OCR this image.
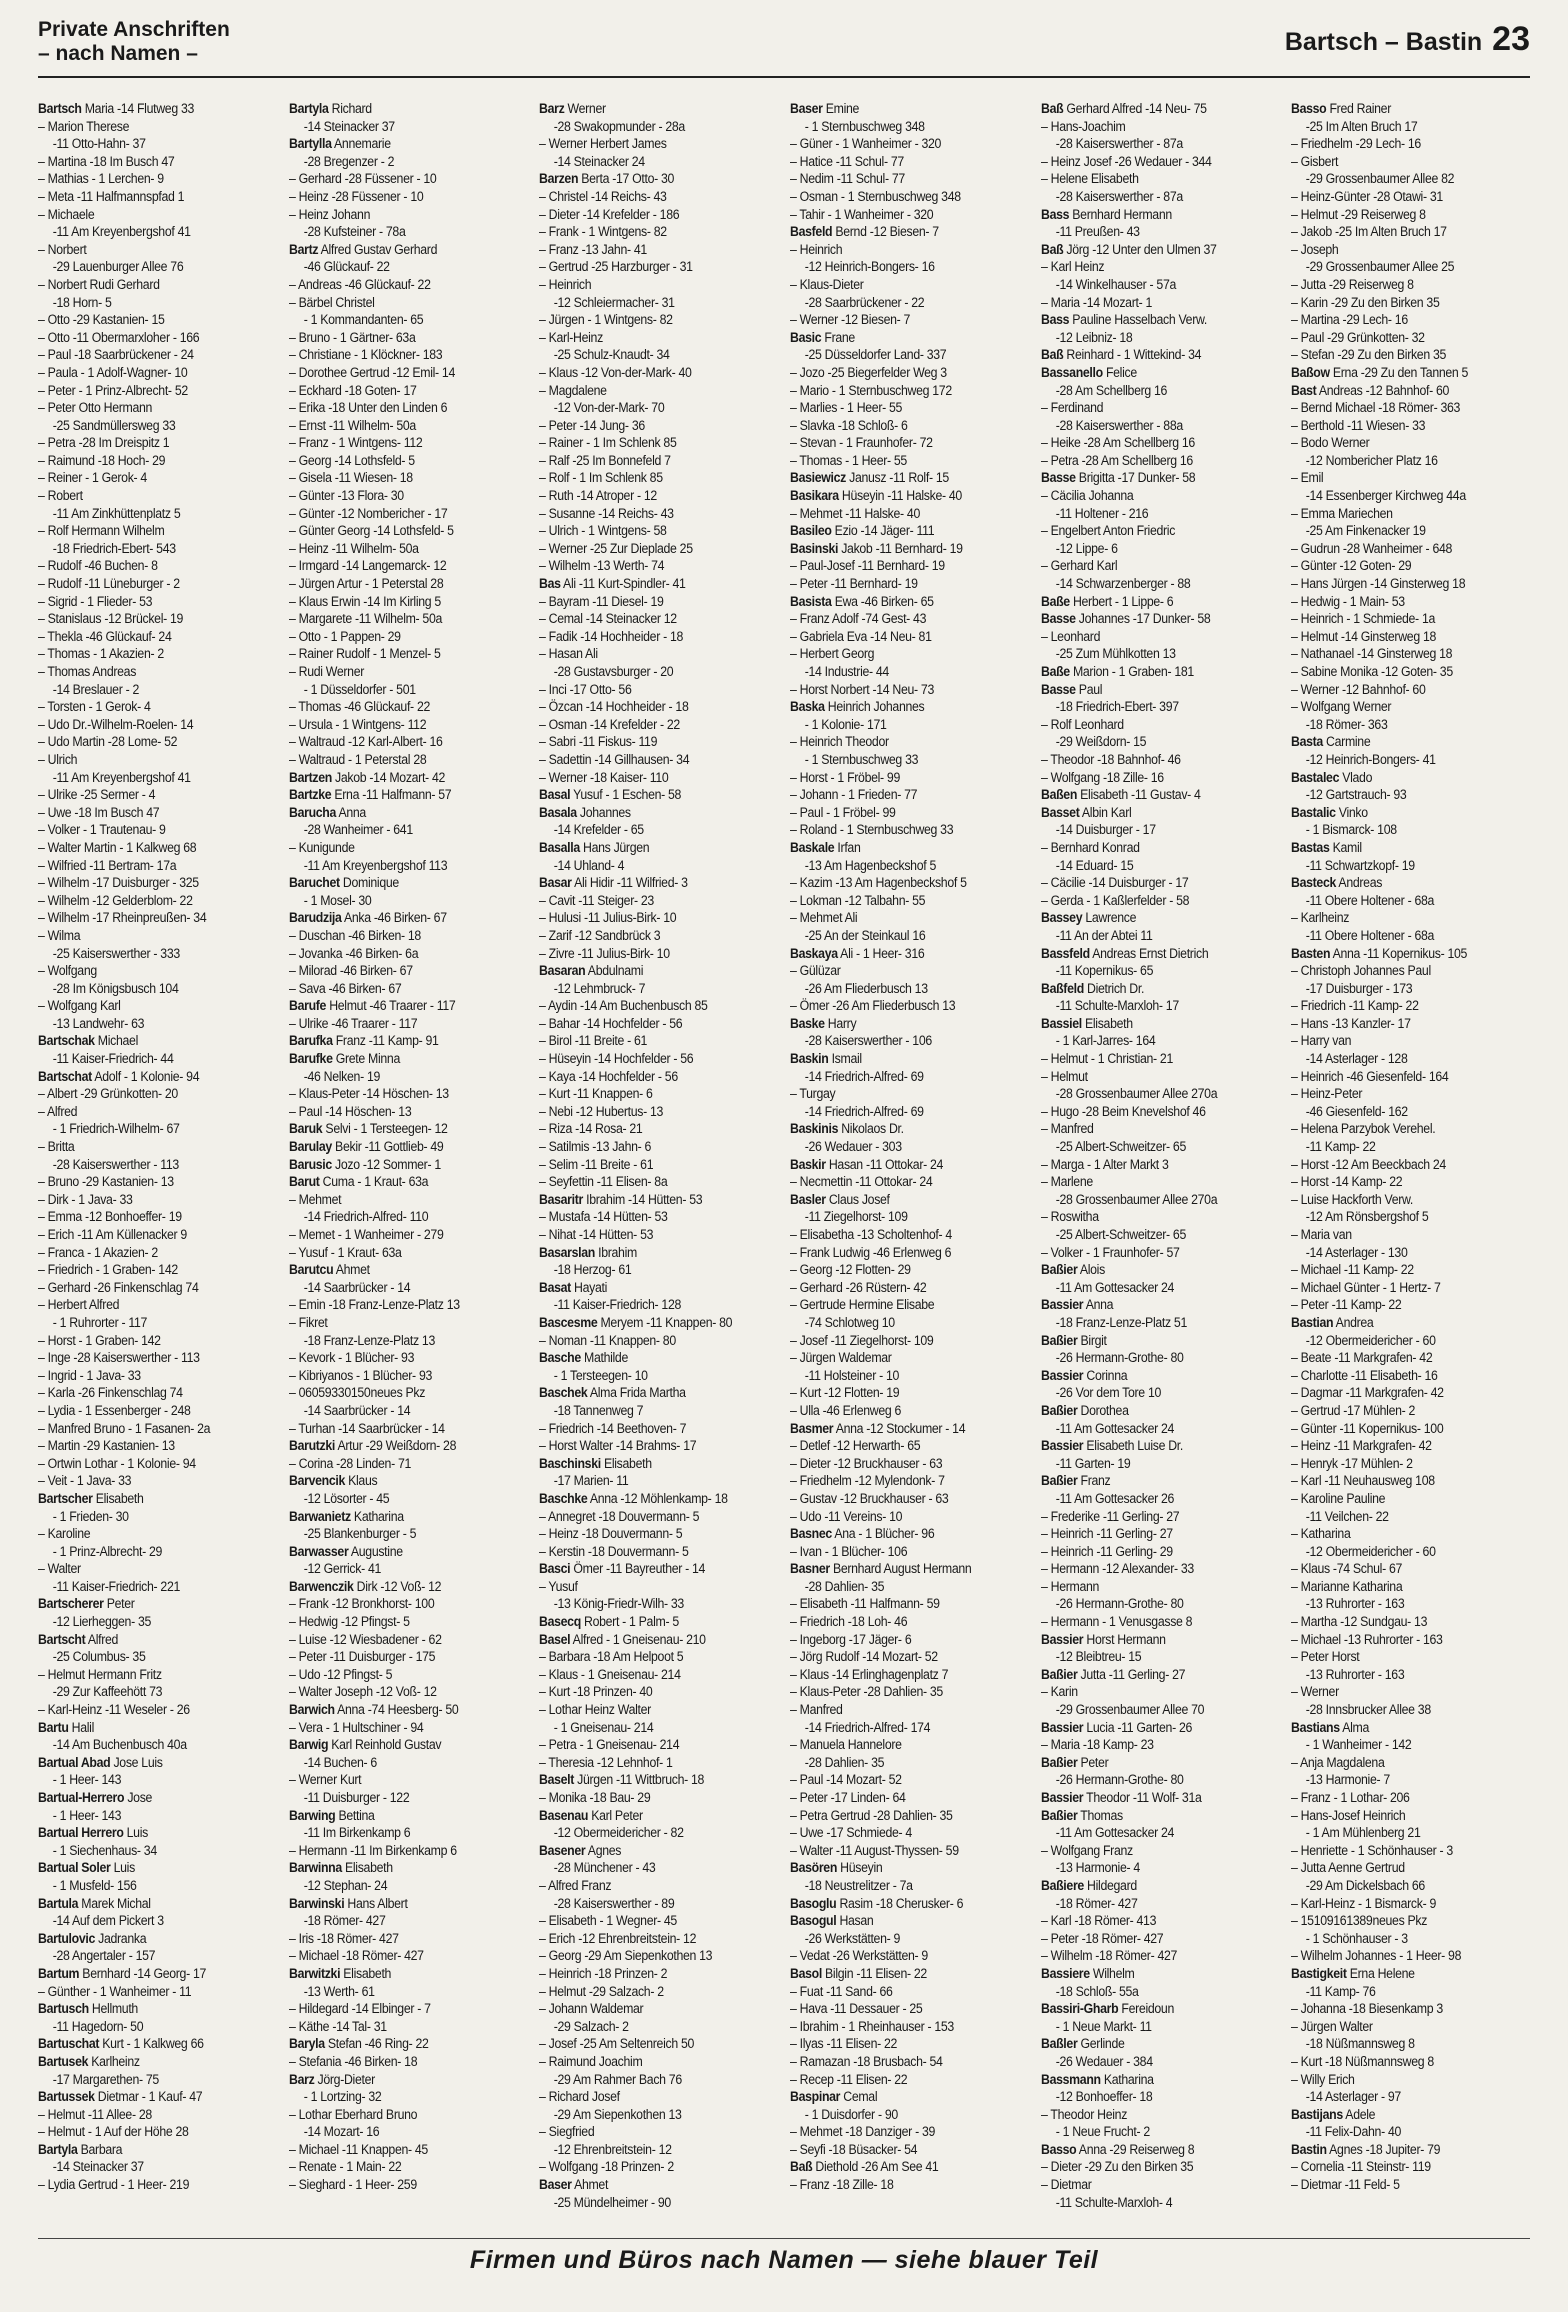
Private Anschriften
– nach Namen –	Bartsch – Bastin 23
Bartsch Maria -14 Flutweg 33
– Marion Therese
-11 Otto-Hahn- 37
– Martina -18 Im Busch 47
– Mathias - 1 Lerchen- 9
– Meta -11 Halfmannspfad 1
– Michaele
-11 Am Kreyenbergshof 41
– Norbert
-29 Lauenburger Allee 76
– Norbert Rudi Gerhard
-18 Horn- 5
– Otto -29 Kastanien- 15
– Otto -11 Obermarxloher - 166
– Paul -18 Saarbrückener - 24
– Paula - 1 Adolf-Wagner- 10
– Peter - 1 Prinz-Albrecht- 52
– Peter Otto Hermann
-25 Sandmüllersweg 33
– Petra -28 Im Dreispitz 1
– Raimund -18 Hoch- 29
– Reiner - 1 Gerok- 4
– Robert
-11 Am Zinkhüttenplatz 5
– Rolf Hermann Wilhelm
-18 Friedrich-Ebert- 543
– Rudolf -46 Buchen- 8
– Rudolf -11 Lüneburger - 2
– Sigrid - 1 Flieder- 53
– Stanislaus -12 Brückel- 19
– Thekla -46 Glückauf- 24
– Thomas - 1 Akazien- 2
– Thomas Andreas
-14 Breslauer - 2
– Torsten - 1 Gerok- 4
– Udo Dr.-Wilhelm-Roelen- 14
– Udo Martin -28 Lome- 52
– Ulrich
-11 Am Kreyenbergshof 41
– Ulrike -25 Sermer - 4
– Uwe -18 Im Busch 47
– Volker - 1 Trautenau- 9
– Walter Martin - 1 Kalkweg 68
– Wilfried -11 Bertram- 17a
– Wilhelm -17 Duisburger - 325
– Wilhelm -12 Gelderblom- 22
– Wilhelm -17 Rheinpreußen- 34
– Wilma
-25 Kaiserswerther - 333
– Wolfgang
-28 Im Königsbusch 104
– Wolfgang Karl
-13 Landwehr- 63
Bartschak Michael
-11 Kaiser-Friedrich- 44
Bartschat Adolf - 1 Kolonie- 94
– Albert -29 Grünkotten- 20
– Alfred
- 1 Friedrich-Wilhelm- 67
– Britta
-28 Kaiserswerther - 113
– Bruno -29 Kastanien- 13
– Dirk - 1 Java- 33
– Emma -12 Bonhoeffer- 19
– Erich -11 Am Küllenacker 9
– Franca - 1 Akazien- 2
– Friedrich - 1 Graben- 142
– Gerhard -26 Finkenschlag 74
– Herbert Alfred
- 1 Ruhrorter - 117
– Horst - 1 Graben- 142
– Inge -28 Kaiserswerther - 113
– Ingrid - 1 Java- 33
– Karla -26 Finkenschlag 74
– Lydia - 1 Essenberger - 248
– Manfred Bruno - 1 Fasanen- 2a
– Martin -29 Kastanien- 13
– Ortwin Lothar - 1 Kolonie- 94
– Veit - 1 Java- 33
Bartscher Elisabeth
- 1 Frieden- 30
– Karoline
- 1 Prinz-Albrecht- 29
– Walter
-11 Kaiser-Friedrich- 221
Bartscherer Peter
-12 Lierheggen- 35
Bartscht Alfred
-25 Columbus- 35
– Helmut Hermann Fritz
-29 Zur Kaffeehött 73
– Karl-Heinz -11 Weseler - 26
Bartu Halil
-14 Am Buchenbusch 40a
Bartual Abad Jose Luis
- 1 Heer- 143
Bartual-Herrero Jose
- 1 Heer- 143
Bartual Herrero Luis
- 1 Siechenhaus- 34
Bartual Soler Luis
- 1 Musfeld- 156
Bartula Marek Michal
-14 Auf dem Pickert 3
Bartulovic Jadranka
-28 Angertaler - 157
Bartum Bernhard -14 Georg- 17
– Günther - 1 Wanheimer - 11
Bartusch Hellmuth
-11 Hagedorn- 50
Bartuschat Kurt - 1 Kalkweg 66
Bartusek Karlheinz
-17 Margarethen- 75
Bartussek Dietmar - 1 Kauf- 47
– Helmut -11 Allee- 28
– Helmut - 1 Auf der Höhe 28
Bartyla Barbara
-14 Steinacker 37
– Lydia Gertrud - 1 Heer- 219
Bartyla Richard
-14 Steinacker 37
Bartylla Annemarie
-28 Bregenzer - 2
– Gerhard -28 Füssener - 10
– Heinz -28 Füssener - 10
– Heinz Johann
-28 Kufsteiner - 78a
Bartz Alfred Gustav Gerhard
-46 Glückauf- 22
– Andreas -46 Glückauf- 22
– Bärbel Christel
- 1 Kommandanten- 65
– Bruno - 1 Gärtner- 63a
– Christiane - 1 Klöckner- 183
– Dorothee Gertrud -12 Emil- 14
– Eckhard -18 Goten- 17
– Erika -18 Unter den Linden 6
– Ernst -11 Wilhelm- 50a
– Franz - 1 Wintgens- 112
– Georg -14 Lothsfeld- 5
– Gisela -11 Wiesen- 18
– Günter -13 Flora- 30
– Günter -12 Nombericher - 17
– Günter Georg -14 Lothsfeld- 5
– Heinz -11 Wilhelm- 50a
– Irmgard -14 Langemarck- 12
– Jürgen Artur - 1 Peterstal 28
– Klaus Erwin -14 Im Kirling 5
– Margarete -11 Wilhelm- 50a
– Otto - 1 Pappen- 29
– Rainer Rudolf - 1 Menzel- 5
– Rudi Werner
- 1 Düsseldorfer - 501
– Thomas -46 Glückauf- 22
– Ursula - 1 Wintgens- 112
– Waltraud -12 Karl-Albert- 16
– Waltraud - 1 Peterstal 28
Bartzen Jakob -14 Mozart- 42
Bartzke Erna -11 Halfmann- 57
Barucha Anna
-28 Wanheimer - 641
– Kunigunde
-11 Am Kreyenbergshof 113
Baruchet Dominique
- 1 Mosel- 30
Barudzija Anka -46 Birken- 67
– Duschan -46 Birken- 18
– Jovanka -46 Birken- 6a
– Milorad -46 Birken- 67
– Sava -46 Birken- 67
Barufe Helmut -46 Traarer - 117
– Ulrike -46 Traarer - 117
Barufka Franz -11 Kamp- 91
Barufke Grete Minna
-46 Nelken- 19
– Klaus-Peter -14 Höschen- 13
– Paul -14 Höschen- 13
Baruk Selvi - 1 Tersteegen- 12
Barulay Bekir -11 Gottlieb- 49
Barusic Jozo -12 Sommer- 1
Barut Cuma - 1 Kraut- 63a
– Mehmet
-14 Friedrich-Alfred- 110
– Memet - 1 Wanheimer - 279
– Yusuf - 1 Kraut- 63a
Barutcu Ahmet
-14 Saarbrücker - 14
– Emin -18 Franz-Lenze-Platz 13
– Fikret
-18 Franz-Lenze-Platz 13
– Kevork - 1 Blücher- 93
– Kibriyanos - 1 Blücher- 93
– 06059330150neues Pkz
-14 Saarbrücker - 14
– Turhan -14 Saarbrücker - 14
Barutzki Artur -29 Weißdorn- 28
– Corina -28 Linden- 71
Barvencik Klaus
-12 Lösorter - 45
Barwanietz Katharina
-25 Blankenburger - 5
Barwasser Augustine
-12 Gerrick- 41
Barwenczik Dirk -12 Voß- 12
– Frank -12 Bronkhorst- 100
– Hedwig -12 Pfingst- 5
– Luise -12 Wiesbadener - 62
– Peter -11 Duisburger - 175
– Udo -12 Pfingst- 5
– Walter Joseph -12 Voß- 12
Barwich Anna -74 Heesberg- 50
– Vera - 1 Hultschiner - 94
Barwig Karl Reinhold Gustav
-14 Buchen- 6
– Werner Kurt
-11 Duisburger - 122
Barwing Bettina
-11 Im Birkenkamp 6
– Hermann -11 Im Birkenkamp 6
Barwinna Elisabeth
-12 Stephan- 24
Barwinski Hans Albert
-18 Römer- 427
– Iris -18 Römer- 427
– Michael -18 Römer- 427
Barwitzki Elisabeth
-13 Werth- 61
– Hildegard -14 Elbinger - 7
– Käthe -14 Tal- 31
Baryla Stefan -46 Ring- 22
– Stefania -46 Birken- 18
Barz Jörg-Dieter
- 1 Lortzing- 32
– Lothar Eberhard Bruno
-14 Mozart- 16
– Michael -11 Knappen- 45
– Renate - 1 Main- 22
– Sieghard - 1 Heer- 259
Barz Werner
-28 Swakopmunder - 28a
– Werner Herbert James
-14 Steinacker 24
Barzen Berta -17 Otto- 30
– Christel -14 Reichs- 43
– Dieter -14 Krefelder - 186
– Frank - 1 Wintgens- 82
– Franz -13 Jahn- 41
– Gertrud -25 Harzburger - 31
– Heinrich
-12 Schleiermacher- 31
– Jürgen - 1 Wintgens- 82
– Karl-Heinz
-25 Schulz-Knaudt- 34
– Klaus -12 Von-der-Mark- 40
– Magdalene
-12 Von-der-Mark- 70
– Peter -14 Jung- 36
– Rainer - 1 Im Schlenk 85
– Ralf -25 Im Bonnefeld 7
– Rolf - 1 Im Schlenk 85
– Ruth -14 Atroper - 12
– Susanne -14 Reichs- 43
– Ulrich - 1 Wintgens- 58
– Werner -25 Zur Dieplade 25
– Wilhelm -13 Werth- 74
Bas Ali -11 Kurt-Spindler- 41
– Bayram -11 Diesel- 19
– Cemal -14 Steinacker 12
– Fadik -14 Hochheider - 18
– Hasan Ali
-28 Gustavsburger - 20
– Inci -17 Otto- 56
– Özcan -14 Hochheider - 18
– Osman -14 Krefelder - 22
– Sabri -11 Fiskus- 119
– Sadettin -14 Gillhausen- 34
– Werner -18 Kaiser- 110
Basal Yusuf - 1 Eschen- 58
Basala Johannes
-14 Krefelder - 65
Basalla Hans Jürgen
-14 Uhland- 4
Basar Ali Hidir -11 Wilfried- 3
– Cavit -11 Steiger- 23
– Hulusi -11 Julius-Birk- 10
– Zarif -12 Sandbrück 3
– Zivre -11 Julius-Birk- 10
Basaran Abdulnami
-12 Lehmbruck- 7
– Aydin -14 Am Buchenbusch 85
– Bahar -14 Hochfelder - 56
– Birol -11 Breite - 61
– Hüseyin -14 Hochfelder - 56
– Kaya -14 Hochfelder - 56
– Kurt -11 Knappen- 6
– Nebi -12 Hubertus- 13
– Riza -14 Rosa- 21
– Satilmis -13 Jahn- 6
– Selim -11 Breite - 61
– Seyfettin -11 Elisen- 8a
Basaritr Ibrahim -14 Hütten- 53
– Mustafa -14 Hütten- 53
– Nihat -14 Hütten- 53
Basarslan Ibrahim
-18 Herzog- 61
Basat Hayati
-11 Kaiser-Friedrich- 128
Bascesme Meryem -11 Knappen- 80
– Noman -11 Knappen- 80
Basche Mathilde
- 1 Tersteegen- 10
Baschek Alma Frida Martha
-18 Tannenweg 7
– Friedrich -14 Beethoven- 7
– Horst Walter -14 Brahms- 17
Baschinski Elisabeth
-17 Marien- 11
Baschke Anna -12 Möhlenkamp- 18
– Annegret -18 Douvermann- 5
– Heinz -18 Douvermann- 5
– Kerstin -18 Douvermann- 5
Basci Ömer -11 Bayreuther - 14
– Yusuf
-13 König-Friedr-Wilh- 33
Basecq Robert - 1 Palm- 5
Basel Alfred - 1 Gneisenau- 210
– Barbara -18 Am Helpoot 5
– Klaus - 1 Gneisenau- 214
– Kurt -18 Prinzen- 40
– Lothar Heinz Walter
- 1 Gneisenau- 214
– Petra - 1 Gneisenau- 214
– Theresia -12 Lehnhof- 1
Baselt Jürgen -11 Wittbruch- 18
– Monika -18 Bau- 29
Basenau Karl Peter
-12 Obermeidericher - 82
Basener Agnes
-28 Münchener - 43
– Alfred Franz
-28 Kaiserswerther - 89
– Elisabeth - 1 Wegner- 45
– Erich -12 Ehrenbreitstein- 12
– Georg -29 Am Siepenkothen 13
– Heinrich -18 Prinzen- 2
– Helmut -29 Salzach- 2
– Johann Waldemar
-29 Salzach- 2
– Josef -25 Am Seltenreich 50
– Raimund Joachim
-29 Am Rahmer Bach 76
– Richard Josef
-29 Am Siepenkothen 13
– Siegfried
-12 Ehrenbreitstein- 12
– Wolfgang -18 Prinzen- 2
Baser Ahmet
-25 Mündelheimer - 90
Baser Emine
- 1 Sternbuschweg 348
– Güner - 1 Wanheimer - 320
– Hatice -11 Schul- 77
– Nedim -11 Schul- 77
– Osman - 1 Sternbuschweg 348
– Tahir - 1 Wanheimer - 320
Basfeld Bernd -12 Biesen- 7
– Heinrich
-12 Heinrich-Bongers- 16
– Klaus-Dieter
-28 Saarbrückener - 22
– Werner -12 Biesen- 7
Basic Frane
-25 Düsseldorfer Land- 337
– Jozo -25 Biegerfelder Weg 3
– Mario - 1 Sternbuschweg 172
– Marlies - 1 Heer- 55
– Slavka -18 Schloß- 6
– Stevan - 1 Fraunhofer- 72
– Thomas - 1 Heer- 55
Basiewicz Janusz -11 Rolf- 15
Basikara Hüseyin -11 Halske- 40
– Mehmet -11 Halske- 40
Basileo Ezio -14 Jäger- 111
Basinski Jakob -11 Bernhard- 19
– Paul-Josef -11 Bernhard- 19
– Peter -11 Bernhard- 19
Basista Ewa -46 Birken- 65
– Franz Adolf -74 Gest- 43
– Gabriela Eva -14 Neu- 81
– Herbert Georg
-14 Industrie- 44
– Horst Norbert -14 Neu- 73
Baska Heinrich Johannes
- 1 Kolonie- 171
– Heinrich Theodor
- 1 Sternbuschweg 33
– Horst - 1 Fröbel- 99
– Johann - 1 Frieden- 77
– Paul - 1 Fröbel- 99
– Roland - 1 Sternbuschweg 33
Baskale Irfan
-13 Am Hagenbeckshof 5
– Kazim -13 Am Hagenbeckshof 5
– Lokman -12 Talbahn- 55
– Mehmet Ali
-25 An der Steinkaul 16
Baskaya Ali - 1 Heer- 316
– Gülüzar
-26 Am Fliederbusch 13
– Ömer -26 Am Fliederbusch 13
Baske Harry
-28 Kaiserswerther - 106
Baskin Ismail
-14 Friedrich-Alfred- 69
– Turgay
-14 Friedrich-Alfred- 69
Baskinis Nikolaos Dr.
-26 Wedauer - 303
Baskir Hasan -11 Ottokar- 24
– Necmettin -11 Ottokar- 24
Basler Claus Josef
-11 Ziegelhorst- 109
– Elisabetha -13 Scholtenhof- 4
– Frank Ludwig -46 Erlenweg 6
– Georg -12 Flotten- 29
– Gerhard -26 Rüstern- 42
– Gertrude Hermine Elisabe
-74 Schlotweg 10
– Josef -11 Ziegelhorst- 109
– Jürgen Waldemar
-11 Holsteiner - 10
– Kurt -12 Flotten- 19
– Ulla -46 Erlenweg 6
Basmer Anna -12 Stockumer - 14
– Detlef -12 Herwarth- 65
– Dieter -12 Bruckhauser - 63
– Friedhelm -12 Mylendonk- 7
– Gustav -12 Bruckhauser - 63
– Udo -11 Vereins- 10
Basnec Ana - 1 Blücher- 96
– Ivan - 1 Blücher- 106
Basner Bernhard August Hermann
-28 Dahlien- 35
– Elisabeth -11 Halfmann- 59
– Friedrich -18 Loh- 46
– Ingeborg -17 Jäger- 6
– Jörg Rudolf -14 Mozart- 52
– Klaus -14 Erlinghagenplatz 7
– Klaus-Peter -28 Dahlien- 35
– Manfred
-14 Friedrich-Alfred- 174
– Manuela Hannelore
-28 Dahlien- 35
– Paul -14 Mozart- 52
– Peter -17 Linden- 64
– Petra Gertrud -28 Dahlien- 35
– Uwe -17 Schmiede- 4
– Walter -11 August-Thyssen- 59
Basören Hüseyin
-18 Neustrelitzer - 7a
Basoglu Rasim -18 Cherusker- 6
Basogul Hasan
-26 Werkstätten- 9
– Vedat -26 Werkstätten- 9
Basol Bilgin -11 Elisen- 22
– Fuat -11 Sand- 66
– Hava -11 Dessauer - 25
– Ibrahim - 1 Rheinhauser - 153
– Ilyas -11 Elisen- 22
– Ramazan -18 Brusbach- 54
– Recep -11 Elisen- 22
Baspinar Cemal
- 1 Duisdorfer - 90
– Mehmet -18 Danziger - 39
– Seyfi -18 Büsacker- 54
Baß Diethold -26 Am See 41
– Franz -18 Zille- 18
Baß Gerhard Alfred -14 Neu- 75
– Hans-Joachim
-28 Kaiserswerther - 87a
– Heinz Josef -26 Wedauer - 344
– Helene Elisabeth
-28 Kaiserswerther - 87a
Bass Bernhard Hermann
-11 Preußen- 43
Baß Jörg -12 Unter den Ulmen 37
– Karl Heinz
-14 Winkelhauser - 57a
– Maria -14 Mozart- 1
Bass Pauline Hasselbach Verw.
-12 Leibniz- 18
Baß Reinhard - 1 Wittekind- 34
Bassanello Felice
-28 Am Schellberg 16
– Ferdinand
-28 Kaiserswerther - 88a
– Heike -28 Am Schellberg 16
– Petra -28 Am Schellberg 16
Basse Brigitta -17 Dunker- 58
– Cäcilia Johanna
-11 Holtener - 216
– Engelbert Anton Friedric
-12 Lippe- 6
– Gerhard Karl
-14 Schwarzenberger - 88
Baße Herbert - 1 Lippe- 6
Basse Johannes -17 Dunker- 58
– Leonhard
-25 Zum Mühlkotten 13
Baße Marion - 1 Graben- 181
Basse Paul
-18 Friedrich-Ebert- 397
– Rolf Leonhard
-29 Weißdorn- 15
– Theodor -18 Bahnhof- 46
– Wolfgang -18 Zille- 16
Baßen Elisabeth -11 Gustav- 4
Basset Albin Karl
-14 Duisburger - 17
– Bernhard Konrad
-14 Eduard- 15
– Cäcilie -14 Duisburger - 17
– Gerda - 1 Kaßlerfelder - 58
Bassey Lawrence
-11 An der Abtei 11
Bassfeld Andreas Ernst Dietrich
-11 Kopernikus- 65
Baßfeld Dietrich Dr.
-11 Schulte-Marxloh- 17
Bassiel Elisabeth
- 1 Karl-Jarres- 164
– Helmut - 1 Christian- 21
– Helmut
-28 Grossenbaumer Allee 270a
– Hugo -28 Beim Knevelshof 46
– Manfred
-25 Albert-Schweitzer- 65
– Marga - 1 Alter Markt 3
– Marlene
-28 Grossenbaumer Allee 270a
– Roswitha
-25 Albert-Schweitzer- 65
– Volker - 1 Fraunhofer- 57
Baßier Alois
-11 Am Gottesacker 24
Bassier Anna
-18 Franz-Lenze-Platz 51
Baßier Birgit
-26 Hermann-Grothe- 80
Bassier Corinna
-26 Vor dem Tore 10
Baßier Dorothea
-11 Am Gottesacker 24
Bassier Elisabeth Luise Dr.
-11 Garten- 19
Baßier Franz
-11 Am Gottesacker 26
– Frederike -11 Gerling- 27
– Heinrich -11 Gerling- 27
– Heinrich -11 Gerling- 29
– Hermann -12 Alexander- 33
– Hermann
-26 Hermann-Grothe- 80
– Hermann - 1 Venusgasse 8
Bassier Horst Hermann
-12 Bleibtreu- 15
Baßier Jutta -11 Gerling- 27
– Karin
-29 Grossenbaumer Allee 70
Bassier Lucia -11 Garten- 26
– Maria -18 Kamp- 23
Baßier Peter
-26 Hermann-Grothe- 80
Bassier Theodor -11 Wolf- 31a
Baßier Thomas
-11 Am Gottesacker 24
– Wolfgang Franz
-13 Harmonie- 4
Baßiere Hildegard
-18 Römer- 427
– Karl -18 Römer- 413
– Peter -18 Römer- 427
– Wilhelm -18 Römer- 427
Bassiere Wilhelm
-18 Schloß- 55a
Bassiri-Gharb Fereidoun
- 1 Neue Markt- 11
Baßler Gerlinde
-26 Wedauer - 384
Bassmann Katharina
-12 Bonhoeffer- 18
– Theodor Heinz
- 1 Neue Frucht- 2
Basso Anna -29 Reiserweg 8
– Dieter -29 Zu den Birken 35
– Dietmar
-11 Schulte-Marxloh- 4
Basso Fred Rainer
-25 Im Alten Bruch 17
– Friedhelm -29 Lech- 16
– Gisbert
-29 Grossenbaumer Allee 82
– Heinz-Günter -28 Otawi- 31
– Helmut -29 Reiserweg 8
– Jakob -25 Im Alten Bruch 17
– Joseph
-29 Grossenbaumer Allee 25
– Jutta -29 Reiserweg 8
– Karin -29 Zu den Birken 35
– Martina -29 Lech- 16
– Paul -29 Grünkotten- 32
– Stefan -29 Zu den Birken 35
Baßow Erna -29 Zu den Tannen 5
Bast Andreas -12 Bahnhof- 60
– Bernd Michael -18 Römer- 363
– Berthold -11 Wiesen- 33
– Bodo Werner
-12 Nombericher Platz 16
– Emil
-14 Essenberger Kirchweg 44a
– Emma Mariechen
-25 Am Finkenacker 19
– Gudrun -28 Wanheimer - 648
– Günter -12 Goten- 29
– Hans Jürgen -14 Ginsterweg 18
– Hedwig - 1 Main- 53
– Heinrich - 1 Schmiede- 1a
– Helmut -14 Ginsterweg 18
– Nathanael -14 Ginsterweg 18
– Sabine Monika -12 Goten- 35
– Werner -12 Bahnhof- 60
– Wolfgang Werner
-18 Römer- 363
Basta Carmine
-12 Heinrich-Bongers- 41
Bastalec Vlado
-12 Gartstrauch- 93
Bastalic Vinko
- 1 Bismarck- 108
Bastas Kamil
-11 Schwartzkopf- 19
Basteck Andreas
-11 Obere Holtener - 68a
– Karlheinz
-11 Obere Holtener - 68a
Basten Anna -11 Kopernikus- 105
– Christoph Johannes Paul
-17 Duisburger - 173
– Friedrich -11 Kamp- 22
– Hans -13 Kanzler- 17
– Harry van
-14 Asterlager - 128
– Heinrich -46 Giesenfeld- 164
– Heinz-Peter
-46 Giesenfeld- 162
– Helena Parzybok Verehel.
-11 Kamp- 22
– Horst -12 Am Beeckbach 24
– Horst -14 Kamp- 22
– Luise Hackforth Verw.
-12 Am Rönsbergshof 5
– Maria van
-14 Asterlager - 130
– Michael -11 Kamp- 22
– Michael Günter - 1 Hertz- 7
– Peter -11 Kamp- 22
Bastian Andrea
-12 Obermeidericher - 60
– Beate -11 Markgrafen- 42
– Charlotte -11 Elisabeth- 16
– Dagmar -11 Markgrafen- 42
– Gertrud -17 Mühlen- 2
– Günter -11 Kopernikus- 100
– Heinz -11 Markgrafen- 42
– Henryk -17 Mühlen- 2
– Karl -11 Neuhausweg 108
– Karoline Pauline
-11 Veilchen- 22
– Katharina
-12 Obermeidericher - 60
– Klaus -74 Schul- 67
– Marianne Katharina
-13 Ruhrorter - 163
– Martha -12 Sundgau- 13
– Michael -13 Ruhrorter - 163
– Peter Horst
-13 Ruhrorter - 163
– Werner
-28 Innsbrucker Allee 38
Bastians Alma
- 1 Wanheimer - 142
– Anja Magdalena
-13 Harmonie- 7
– Franz - 1 Lothar- 206
– Hans-Josef Heinrich
- 1 Am Mühlenberg 21
– Henriette - 1 Schönhauser - 3
– Jutta Aenne Gertrud
-29 Am Dickelsbach 66
– Karl-Heinz - 1 Bismarck- 9
– 15109161389neues Pkz
- 1 Schönhauser - 3
– Wilhelm Johannes - 1 Heer- 98
Bastigkeit Erna Helene
-11 Kamp- 76
– Johanna -18 Biesenkamp 3
– Jürgen Walter
-18 Nüßmannsweg 8
– Kurt -18 Nüßmannsweg 8
– Willy Erich
-14 Asterlager - 97
Bastijans Adele
-11 Felix-Dahn- 40
Bastin Agnes -18 Jupiter- 79
– Cornelia -11 Steinstr- 119
– Dietmar -11 Feld- 5
Firmen und Büros nach Namen — siehe blauer Teil
